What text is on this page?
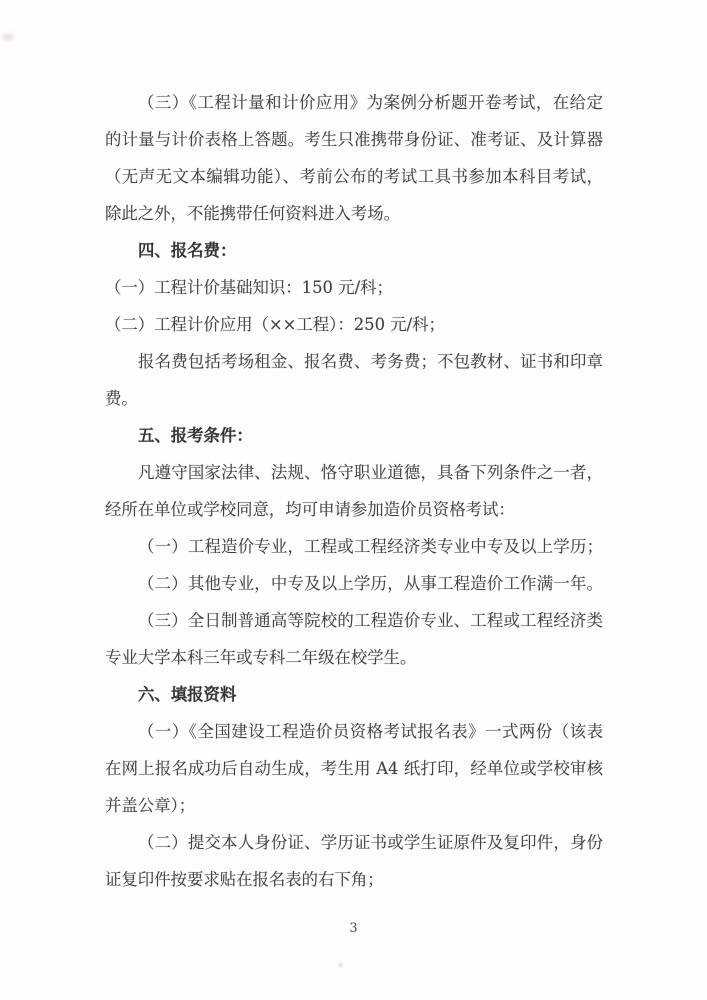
（三）《工程计量和计价应用》为案例分析题开卷考试，在给定
的计量与计价表格上答题。考生只准携带身份证、准考证、及计算器
（无声无文本编辑功能）、考前公布的考试工具书参加本科目考试，
除此之外，不能携带任何资料进入考场。
四、报名费：
（一）工程计价基础知识：150 元/科；
（二）工程计价应用（××工程）：250 元/科；
报名费包括考场租金、报名费、考务费；不包教材、证书和印章
费。
五、报考条件：
凡遵守国家法律、法规、恪守职业道德，具备下列条件之一者，
经所在单位或学校同意，均可申请参加造价员资格考试：
（一）工程造价专业，工程或工程经济类专业中专及以上学历；
（二）其他专业，中专及以上学历，从事工程造价工作满一年。
（三）全日制普通高等院校的工程造价专业、工程或工程经济类
专业大学本科三年或专科二年级在校学生。
六、填报资料
（一）《全国建设工程造价员资格考试报名表》一式两份（该表
在网上报名成功后自动生成，考生用 A4 纸打印，经单位或学校审核
并盖公章）；
（二）提交本人身份证、学历证书或学生证原件及复印件，身份
证复印件按要求贴在报名表的右下角；
3
